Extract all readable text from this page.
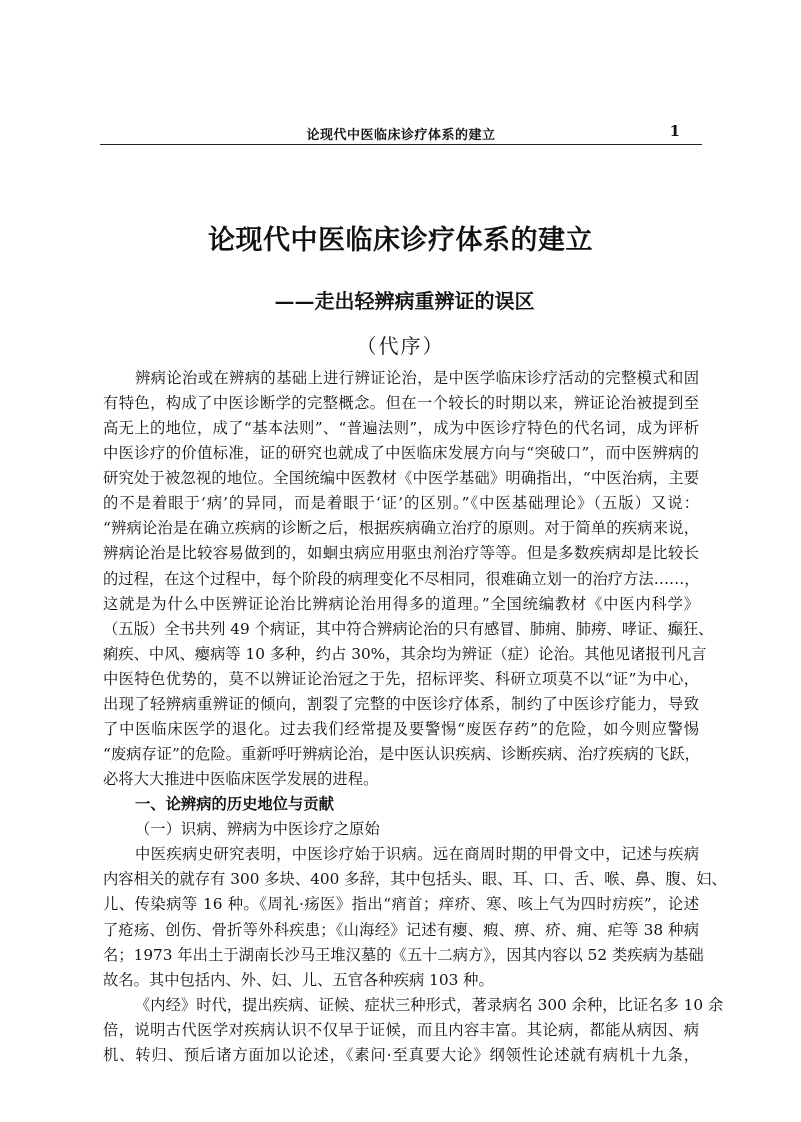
论现代中医临床诊疗体系的建立	1
论现代中医临床诊疗体系的建立
——走出轻辨病重辨证的误区
（代序）
辨病论治或在辨病的基础上进行辨证论治，是中医学临床诊疗活动的完整模式和固
有特色，构成了中医诊断学的完整概念。但在一个较长的时期以来，辨证论治被提到至
高无上的地位，成了“基本法则”、“普遍法则”，成为中医诊疗特色的代名词，成为评析
中医诊疗的价值标准，证的研究也就成了中医临床发展方向与“突破口”，而中医辨病的
研究处于被忽视的地位。全国统编中医教材《中医学基础》明确指出，“中医治病，主要
的不是着眼于‘病’的异同，而是着眼于‘证’的区别。”《中医基础理论》（五版）又说：
“辨病论治是在确立疾病的诊断之后，根据疾病确立治疗的原则。对于简单的疾病来说，
辨病论治是比较容易做到的，如蛔虫病应用驱虫剂治疗等等。但是多数疾病却是比较长
的过程，在这个过程中，每个阶段的病理变化不尽相同，很难确立划一的治疗方法……，
这就是为什么中医辨证论治比辨病论治用得多的道理。”全国统编教材《中医内科学》
（五版）全书共列 49 个病证，其中符合辨病论治的只有感冒、肺痈、肺痨、哮证、癫狂、
痢疾、中风、瘿病等 10 多种，约占 30%，其余均为辨证（症）论治。其他见诸报刊凡言
中医特色优势的，莫不以辨证论治冠之于先，招标评奖、科研立项莫不以“证”为中心，
出现了轻辨病重辨证的倾向，割裂了完整的中医诊疗体系，制约了中医诊疗能力，导致
了中医临床医学的退化。过去我们经常提及要警惕“废医存药”的危险，如今则应警惕
“废病存证”的危险。重新呼吁辨病论治，是中医认识疾病、诊断疾病、治疗疾病的飞跃，
必将大大推进中医临床医学发展的进程。
一、论辨病的历史地位与贡献
（一）识病、辨病为中医诊疗之原始
中医疾病史研究表明，中医诊疗始于识病。远在商周时期的甲骨文中，记述与疾病
内容相关的就存有 300 多块、400 多辞，其中包括头、眼、耳、口、舌、喉、鼻、腹、妇、
儿、传染病等 16 种。《周礼·疡医》指出“痟首；痒疥、寒、咳上气为四时疠疾”，论述
了疮疡、创伤、骨折等外科疾患；《山海经》记述有瘿、瘕、痹、疥、痈、疟等 38 种病
名；1973 年出土于湖南长沙马王堆汉墓的《五十二病方》，因其内容以 52 类疾病为基础
故名。其中包括内、外、妇、儿、五官各种疾病 103 种。
《内经》时代，提出疾病、证候、症状三种形式，著录病名 300 余种，比证名多 10 余
倍，说明古代医学对疾病认识不仅早于证候，而且内容丰富。其论病，都能从病因、病
机、转归、预后诸方面加以论述，《素问·至真要大论》纲领性论述就有病机十九条，
